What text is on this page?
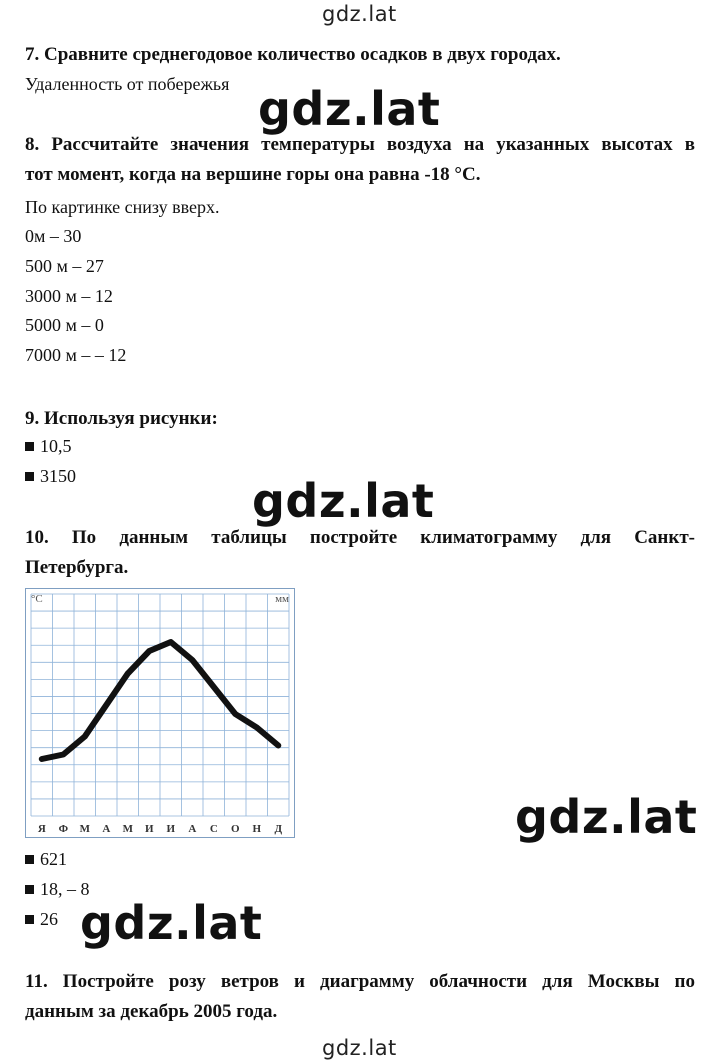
gdz.lat
7. Сравните среднегодовое количество осадков в двух городах.
Удаленность от побережья gdz.lat
8. Рассчитайте значения температуры воздуха на указанных высотах в
тот момент, когда на вершине горы она равна -18 °С.
По картинке снизу вверх.
0м – 30
500 м – 27
3000 м – 12
5000 м – 0
7000 м – – 12
9. Используя рисунки:
10,5
3150	gdz.lat
10. По данным таблицы постройте климатограмму для Санкт-
Петербурга.
°C	мм
Я Ф М А М И И А С О Н Д	gdz.lat
621
18, – 8
26 gdz.lat
11. Постройте розу ветров и диаграмму облачности для Москвы по
данным за декабрь 2005 года.
gdz.lat
